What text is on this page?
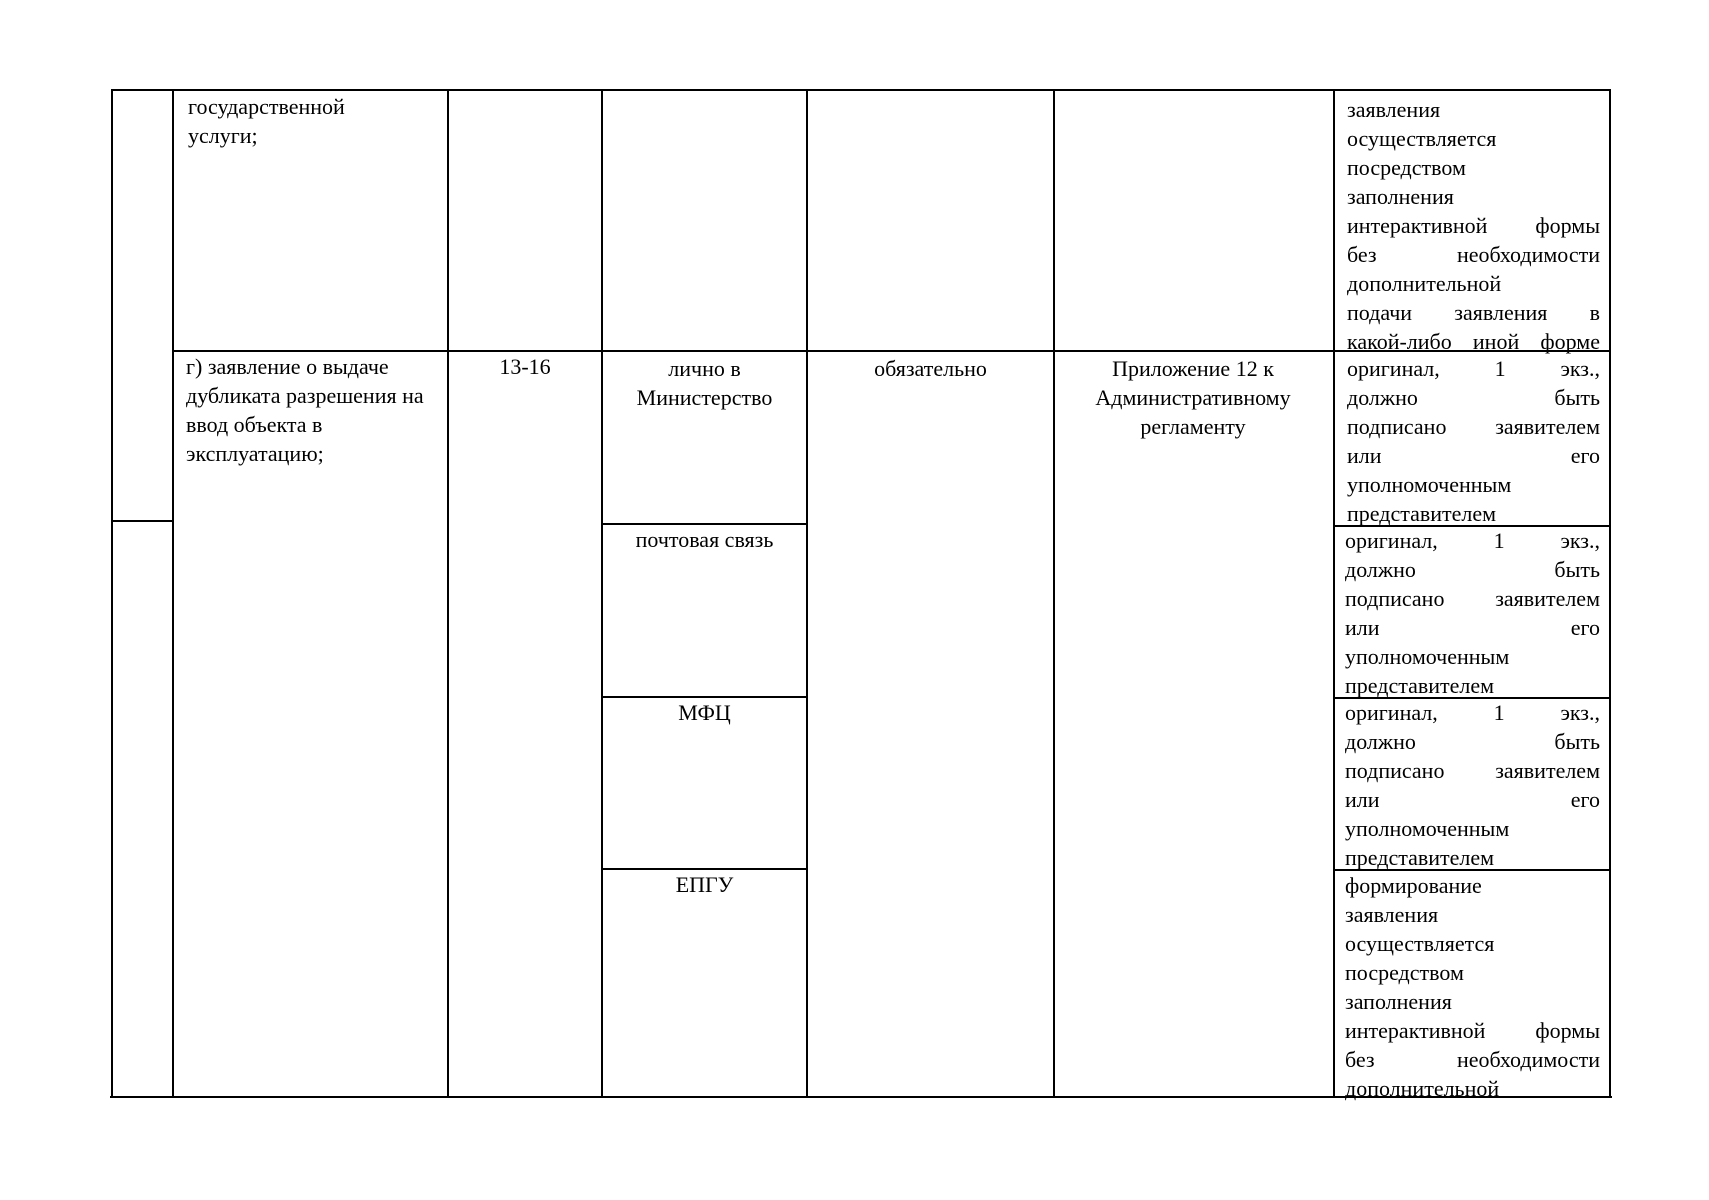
государственной услуги;
заявления
осуществляется
посредством
заполнения
интерактивной формы
без необходимости
дополнительной
подачи заявления в
какой-либо иной форме
г) заявление о выдаче дубликата разрешения на ввод объекта в эксплуатацию;
13-16	лично в Министерство
почтовая связь
МФЦ
ЕПГУ
обязательно	Приложение 12 к Административному регламенту
оригинал, 1 экз.,
должно быть
подписано заявителем
или его
уполномоченным
представителем
оригинал, 1 экз.,
должно быть
подписано заявителем
или его
уполномоченным
представителем
оригинал, 1 экз.,
должно быть
подписано заявителем
или его
уполномоченным
представителем
формирование
заявления
осуществляется
посредством
заполнения
интерактивной формы
без необходимости
дополнительной
